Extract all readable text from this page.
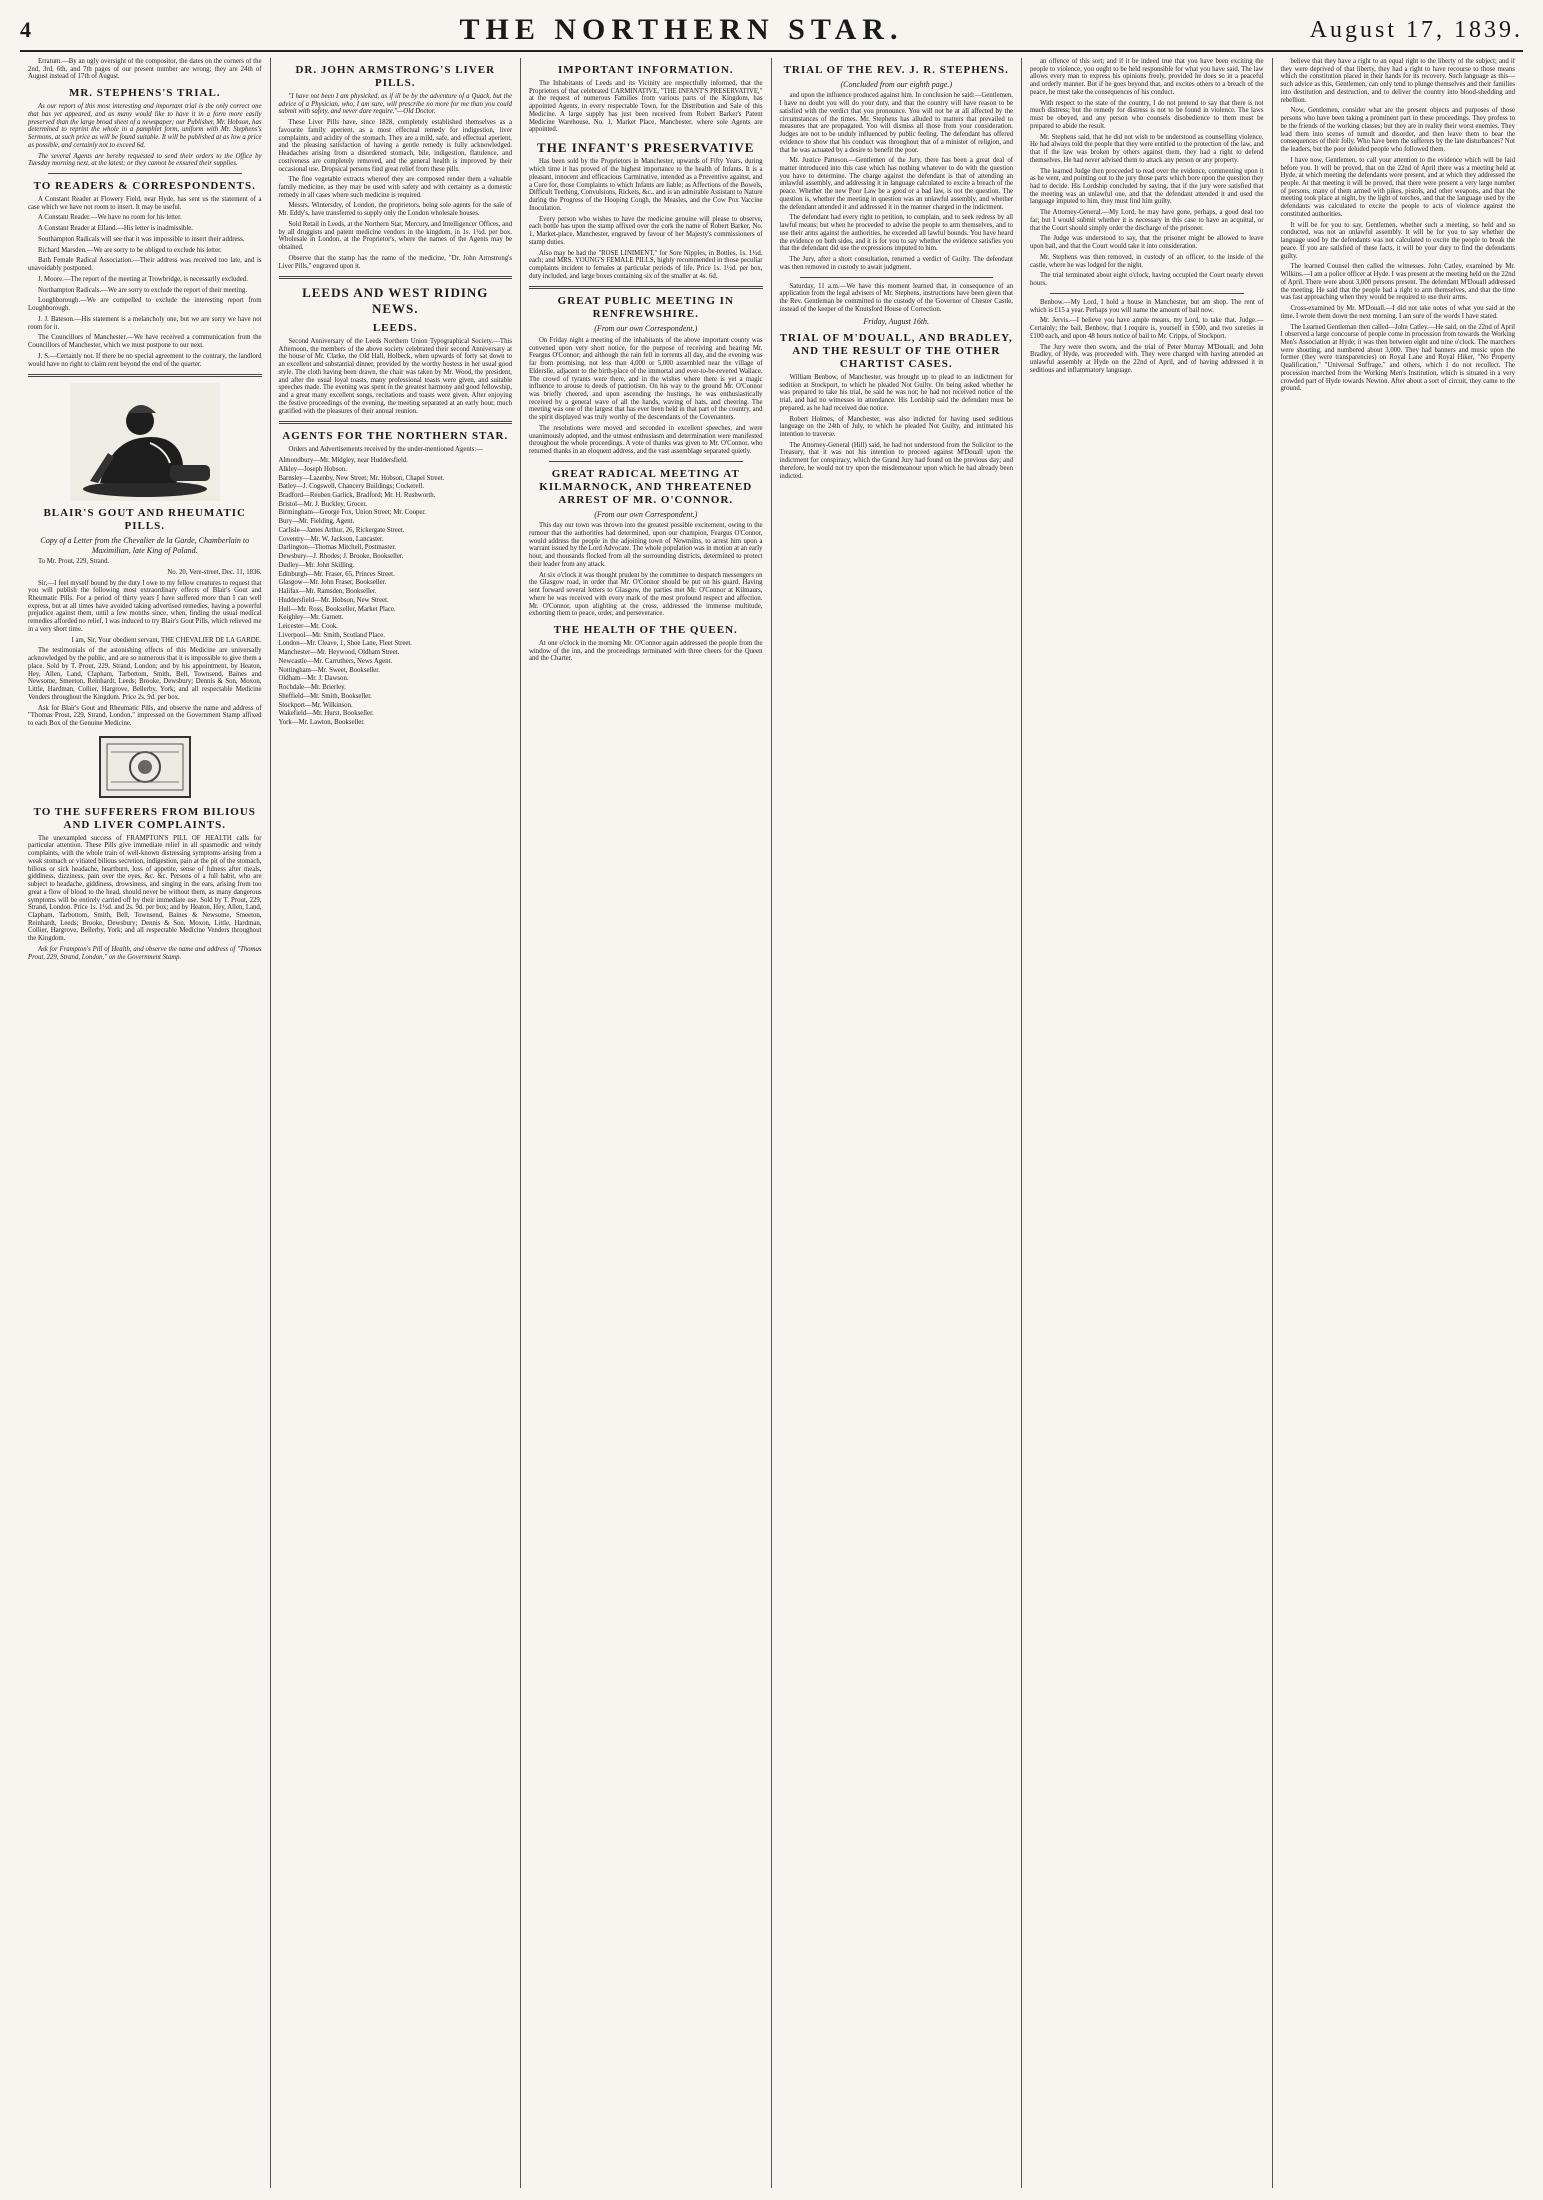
4	THE NORTHERN STAR.	August 17, 1839.

Erratum.—By an ugly oversight of the compositor, the dates on the corners of the 2nd, 3rd, 6th, and 7th pages of our present number are wrong; they are 24th of August instead of 17th of August.

MR. STEPHENS'S TRIAL.

As our report of this most interesting and important trial is the only correct one that has yet appeared, and as many would like to have it in a form more easily preserved than the large broad sheet of a newspaper; our Publisher, Mr. Hobson, has determined to reprint the whole in a pamphlet form, uniform with Mr. Stephens's Sermons, at such price as will be found suitable. It will be published at as low a price as possible, and certainly not to exceed 6d.

The several Agents are hereby requested to send their orders to the Office by Tuesday morning next, at the latest; or they cannot be ensured their supplies.

TO READERS & CORRESPONDENTS.

A Constant Reader at Flowery Field, near Hyde, has sent us the statement of a case which we have not room to insert. It may be useful.

A Constant Reader.—We have no room for his letter.

A Constant Reader at Elland.—His letter is inadmissible.

Southampton Radicals will see that it was impossible to insert their address.

Richard Marsden.—We are sorry to be obliged to exclude his letter.

Bath Female Radical Association.—Their address was received too late, and is unavoidably postponed.

J. Moore.—The report of the meeting at Trowbridge, is necessarily excluded.

Northampton Radicals.—We are sorry to exclude the report of their meeting.

Loughborough.—We are compelled to exclude the interesting report from Loughborough.

J. J. Bateson.—His statement is a melancholy one, but we are sorry we have not room for it.

The Councillors of Manchester.—We have received a communication from the Councillors of Manchester, which we must postpone to our next.

J. S.—Certainly not. If there be no special agreement to the contrary, the landlord would have no right to claim rent beyond the end of the quarter.

BLAIR'S GOUT AND RHEUMATIC PILLS.
Copy of a Letter from the Chevalier de la Garde, Chamberlain to Maximilian, late King of Poland.

To Mr. Prout, 229, Strand.

No. 20, Vere-street, Dec. 11, 1836.

Sir,—I feel myself bound by the duty I owe to my fellow creatures to request that you will publish the following most extraordinary effects of Blair's Gout and Rheumatic Pills. For a period of thirty years I have suffered more than I can well express, but at all times have avoided taking advertised remedies, having a powerful prejudice against them, until a few months since, when, finding the usual medical remedies afforded no relief, I was induced to try Blair's Gout Pills, which relieved me in a very short time.

I am, Sir, Your obedient servant, THE CHEVALIER DE LA GARDE.

The testimonials of the astonishing effects of this Medicine are universally acknowledged by the public, and are so numerous that it is impossible to give them a place. Sold by T. Prout, 229, Strand, London; and by his appointment, by Heaton, Hey, Allen, Land, Clapham, Tarbottom, Smith, Bell, Townsend, Baines and Newsome, Smeeton, Reinhardt, Leeds; Brooke, Dewsbury; Dennis & Son, Moxon, Little, Hardman, Collier, Hargrove, Bellerby, York; and all respectable Medicine Venders throughout the Kingdom. Price 2s. 9d. per box.

Ask for Blair's Gout and Rheumatic Pills, and observe the name and address of "Thomas Prout, 229, Strand, London," impressed on the Government Stamp affixed to each Box of the Genuine Medicine.

TO THE SUFFERERS FROM BILIOUS AND LIVER COMPLAINTS.

The unexampled success of FRAMPTON'S PILL OF HEALTH calls for particular attention. These Pills give immediate relief in all spasmodic and windy complaints, with the whole train of well-known distressing symptoms arising from a weak stomach or vitiated bilious secretion, indigestion, pain at the pit of the stomach, bilious or sick headache, heartburn, loss of appetite, sense of fulness after meals, giddiness, dizziness, pain over the eyes, &c. &c. Persons of a full habit, who are subject to headache, giddiness, drowsiness, and singing in the ears, arising from too great a flow of blood to the head, should never be without them, as many dangerous symptoms will be entirely carried off by their immediate use. Sold by T. Prout, 229, Strand, London. Price 1s. 1½d. and 2s. 9d. per box; and by Heaton, Hey, Allen, Land, Clapham, Tarbottom, Smith, Bell, Townsend, Baines & Newsome, Smeeton, Reinhardt, Leeds; Brooke, Dewsbury; Dennis & Son, Moxon, Little, Hardman, Collier, Hargrove, Bellerby, York; and all respectable Medicine Venders throughout the Kingdom.

Ask for Frampton's Pill of Health, and observe the name and address of "Thomas Prout, 229, Strand, London," on the Government Stamp.

DR. JOHN ARMSTRONG'S LIVER PILLS.

"I have not been I am physicked, as if ill be by the adventure of a Quack, but the advice of a Physician, who, I am sure, will prescribe no more for me than you could submit with safety, and never dare require."—Old Doctor.

These Liver Pills have, since 1828, completely established themselves as a favourite family aperient, as a most effectual remedy for indigestion, liver complaints, and acidity of the stomach. They are a mild, safe, and effectual aperient, and the pleasing satisfaction of having a gentle remedy is fully acknowledged. Headaches arising from a disordered stomach, bile, indigestion, flatulence, and costiveness are completely removed, and the general health is improved by their occasional use. Dropsical persons find great relief from these pills.

The fine vegetable extracts whereof they are composed render them a valuable family medicine, as they may be used with safety and with certainty as a domestic remedy in all cases where such medicine is required.

Messrs. Wintersdry, of London, the proprietors, being sole agents for the sale of Mr. Eddy's, have transferred to supply only the London wholesale houses.

Sold Retail in Leeds, at the Northern Star, Mercury, and Intelligencer Offices, and by all druggists and patent medicine vendors in the kingdom, in 1s. 1½d. per box. Wholesale in London, at the Proprietor's, where the names of the Agents may be obtained.

Observe that the stamp has the name of the medicine, "Dr. John Armstrong's Liver Pills," engraved upon it.

LEEDS AND WEST RIDING NEWS.
LEEDS.

Second Anniversary of the Leeds Northern Union Typographical Society.—This Afternoon, the members of the above society celebrated their second Anniversary at the house of Mr. Clarke, the Old Hall, Holbeck, when upwards of forty sat down to an excellent and substantial dinner, provided by the worthy hostess in her usual good style. The cloth having been drawn, the chair was taken by Mr. Wood, the president, and after the usual loyal toasts, many professional toasts were given, and suitable speeches made. The evening was spent in the greatest harmony and good fellowship, and a great many excellent songs, recitations and toasts were given. After enjoying the festive proceedings of the evening, the meeting separated at an early hour, much gratified with the pleasures of their annual reunion.

AGENTS FOR THE NORTHERN STAR.

Orders and Advertisements received by the under-mentioned Agents:—

Almondbury—Mr. Midgley, near Huddersfield.

Alkley—Joseph Hobson.

Barnsley—Lazenby, New Street; Mr. Hobson, Chapel Street.

Batley—J. Cogswell, Chancery Buildings; Cockerell.

Bradford—Reuben Garlick, Bradford; Mr. H. Rushworth.

Bristol—Mr. J. Buckley, Grocer.

Birmingham—George Fox, Union Street; Mr. Cooper.

Bury—Mr. Fielding, Agent.

Carlisle—James Arthur, 26, Rickergate Street.

Coventry—Mr. W. Jackson, Lancaster.

Darlington—Thomas Mitchell, Postmaster.

Dewsbury—J. Rhodes; J. Brooke, Bookseller.

Dudley—Mr. John Skilling.

Edinburgh—Mr. Fraser, 65, Princes Street.

Glasgow—Mr. John Fraser, Bookseller.

Halifax—Mr. Ramsden, Bookseller.

Huddersfield—Mr. Hobson, New Street.

Hull—Mr. Ross, Bookseller, Market Place.

Keighley—Mr. Garnett.

Leicester—Mr. Cook.

Liverpool—Mr. Smith, Scotland Place.

London—Mr. Cleave, 1, Shoe Lane, Fleet Street.

Manchester—Mr. Heywood, Oldham Street.

Newcastle—Mr. Carruthers, News Agent.

Nottingham—Mr. Sweet, Bookseller.

Oldham—Mr. J. Dawson.

Rochdale—Mr. Brierley.

Sheffield—Mr. Smith, Bookseller.

Stockport—Mr. Wilkinson.

Wakefield—Mr. Hurst, Bookseller.

York—Mr. Lawton, Bookseller.

IMPORTANT INFORMATION.

The Inhabitants of Leeds and its Vicinity are respectfully informed, that the Proprietors of that celebrated CARMINATIVE, "THE INFANT'S PRESERVATIVE," at the request of numerous Families from various parts of the Kingdom, has appointed Agents, in every respectable Town, for the Distribution and Sale of this Medicine. A large supply has just been received from Robert Barker's Patent Medicine Warehouse, No. 1, Market Place, Manchester, where sole Agents are appointed.

THE INFANT'S PRESERVATIVE

Has been sold by the Proprietors in Manchester, upwards of Fifty Years, during which time it has proved of the highest importance to the health of Infants. It is a pleasant, innocent and efficacious Carminative, intended as a Preventive against, and a Cure for, those Complaints to which Infants are liable; as Affections of the Bowels, Difficult Teething, Convulsions, Rickets, &c., and is an admirable Assistant to Nature during the Progress of the Hooping Cough, the Measles, and the Cow Pox Vaccine Inoculation.

Every person who wishes to have the medicine genuine will please to observe, each bottle has upon the stamp affixed over the cork the name of Robert Barker, No. 1, Market-place, Manchester, engraved by favour of her Majesty's commissioners of stamp duties.

Also may be had the "ROSE LINIMENT," for Sore Nipples, in Bottles, 1s. 1½d. each; and MRS. YOUNG'S FEMALE PILLS, highly recommended in those peculiar complaints incident to females at particular periods of life. Price 1s. 1½d. per box, duty included, and large boxes containing six of the smaller at 4s. 6d.

GREAT PUBLIC MEETING IN RENFREWSHIRE.
(From our own Correspondent.)

On Friday night a meeting of the inhabitants of the above important county was convened upon very short notice, for the purpose of receiving and hearing Mr. Feargus O'Connor; and although the rain fell in torrents all day, and the evening was far from promising, not less than 4,000 or 5,000 assembled near the village of Elderslie, adjacent to the birth-place of the immortal and ever-to-be-revered Wallace. The crowd of tyrants were there, and in the wishes where there is yet a magic influence to arouse to deeds of patriotism. On his way to the ground Mr. O'Connor was briefly cheered, and upon ascending the hustings, he was enthusiastically received by a general wave of all the hands, waving of hats, and cheering. The meeting was one of the largest that has ever been held in that part of the country, and the spirit displayed was truly worthy of the descendants of the Covenanters.

The resolutions were moved and seconded in excellent speeches, and were unanimously adopted, and the utmost enthusiasm and determination were manifested throughout the whole proceedings. A vote of thanks was given to Mr. O'Connor, who returned thanks in an eloquent address, and the vast assemblage separated quietly.

GREAT RADICAL MEETING AT KILMARNOCK, AND THREATENED ARREST OF MR. O'CONNOR.
(From our own Correspondent.)

This day our town was thrown into the greatest possible excitement, owing to the rumour that the authorities had determined, upon our champion, Feargus O'Connor, would address the people in the adjoining town of Newmilns, to arrest him upon a warrant issued by the Lord Advocate. The whole population was in motion at an early hour, and thousands flocked from all the surrounding districts, determined to protect their leader from any attack.

At six o'clock it was thought prudent by the committee to despatch messengers on the Glasgow road, in order that Mr. O'Connor should be put on his guard. Having sent forward several letters to Glasgow, the parties met Mr. O'Connor at Kilmaurs, where he was received with every mark of the most profound respect and affection. Mr. O'Connor, upon alighting at the cross, addressed the immense multitude, exhorting them to peace, order, and perseverance.

THE HEALTH OF THE QUEEN.

At one o'clock in the morning Mr. O'Connor again addressed the people from the window of the inn, and the proceedings terminated with three cheers for the Queen and the Charter.

TRIAL OF THE REV. J. R. STEPHENS.
(Concluded from our eighth page.)

and upon the influence produced against him. In conclusion he said:—Gentlemen, I have no doubt you will do your duty, and that the country will have reason to be satisfied with the verdict that you pronounce. You will not be at all affected by the circumstances of the times. Mr. Stephens has alluded to matters that prevailed to measures that are propagated. You will dismiss all those from your consideration. Judges are not to be unduly influenced by public feeling. The defendant has offered evidence to show that his conduct was throughout that of a minister of religion, and that he was actuated by a desire to benefit the poor.

Mr. Justice Patteson.—Gentlemen of the Jury, there has been a great deal of matter introduced into this case which has nothing whatever to do with the question you have to determine. The charge against the defendant is that of attending an unlawful assembly, and addressing it in language calculated to excite a breach of the peace. Whether the new Poor Law be a good or a bad law, is not the question. The question is, whether the meeting in question was an unlawful assembly, and whether the defendant attended it and addressed it in the manner charged in the indictment.

The defendant had every right to petition, to complain, and to seek redress by all lawful means; but when he proceeded to advise the people to arm themselves, and to use their arms against the authorities, he exceeded all lawful bounds. You have heard the evidence on both sides, and it is for you to say whether the evidence satisfies you that the defendant did use the expressions imputed to him.

The Jury, after a short consultation, returned a verdict of Guilty. The defendant was then removed in custody to await judgment.

Saturday, 11 a.m.—We have this moment learned that, in consequence of an application from the legal advisers of Mr. Stephens, instructions have been given that the Rev. Gentleman be committed to the custody of the Governor of Chester Castle, instead of the keeper of the Knutsford House of Correction.

Friday, August 16th.
TRIAL OF M'DOUALL, AND BRADLEY, AND THE RESULT OF THE OTHER CHARTIST CASES.

William Benbow, of Manchester, was brought up to plead to an indictment for sedition at Stockport, to which he pleaded Not Guilty. On being asked whether he was prepared to take his trial, he said he was not; he had not received notice of the trial, and had no witnesses in attendance. His Lordship said the defendant must be prepared, as he had received due notice.

Robert Holmes, of Manchester, was also indicted for having used seditious language on the 24th of July, to which he pleaded Not Guilty, and intimated his intention to traverse.

The Attorney-General (Hill) said, he had not understood from the Solicitor to the Treasury, that it was not his intention to proceed against M'Douall upon the indictment for conspiracy, which the Grand Jury had found on the previous day; and therefore, he would not try upon the misdemeanour upon which he had already been indicted.

an offence of this sort; and if it be indeed true that you have been exciting the people to violence, you ought to be held responsible for what you have said. The law allows every man to express his opinions freely, provided he does so in a peaceful and orderly manner. But if he goes beyond that, and excites others to a breach of the peace, he must take the consequences of his conduct.

With respect to the state of the country, I do not pretend to say that there is not much distress; but the remedy for distress is not to be found in violence. The laws must be obeyed, and any person who counsels disobedience to them must be prepared to abide the result.

Mr. Stephens said, that he did not wish to be understood as counselling violence. He had always told the people that they were entitled to the protection of the law, and that if the law was broken by others against them, they had a right to defend themselves. He had never advised them to attack any person or any property.

The learned Judge then proceeded to read over the evidence, commenting upon it as he went, and pointing out to the jury those parts which bore upon the question they had to decide. His Lordship concluded by saying, that if the jury were satisfied that the meeting was an unlawful one, and that the defendant attended it and used the language imputed to him, they must find him guilty.

The Attorney-General.—My Lord, he may have gone, perhaps, a good deal too far; but I would submit whether it is necessary in this case to have an acquittal, or that the Court should simply order the discharge of the prisoner.

The Judge was understood to say, that the prisoner might be allowed to leave upon bail, and that the Court would take it into consideration.

Mr. Stephens was then removed, in custody of an officer, to the inside of the castle, where he was lodged for the night.

The trial terminated about eight o'clock, having occupied the Court nearly eleven hours.

Benbow.—My Lord, I hold a house in Manchester, but am shop. The rent of which is £15 a year. Perhaps you will name the amount of bail now.

Mr. Jervis.—I believe you have ample means, my Lord, to take that. Judge.—Certainly; the bail, Benbow, that I require is, yourself in £500, and two sureties in £100 each, and upon 48 hours notice of bail to Mr. Cripps, of Stockport.

The Jury were then sworn, and the trial of Peter Murray M'Douall, and John Bradley, of Hyde, was proceeded with. They were charged with having attended an unlawful assembly at Hyde on the 22nd of April, and of having addressed it in seditious and inflammatory language.

believe that they have a right to an equal right to the liberty of the subject; and if they were deprived of that liberty, they had a right to have recourse to those means which the constitution placed in their hands for its recovery. Such language as this—such advice as this, Gentlemen, can only tend to plunge themselves and their families into destitution and destruction, and to deliver the country into blood-shedding and rebellion.

Now, Gentlemen, consider what are the present objects and purposes of those persons who have been taking a prominent part in these proceedings. They profess to be the friends of the working classes; but they are in reality their worst enemies. They lead them into scenes of tumult and disorder, and then leave them to bear the consequences of their folly. Who have been the sufferers by the late disturbances? Not the leaders, but the poor deluded people who followed them.

I have now, Gentlemen, to call your attention to the evidence which will be laid before you. It will be proved, that on the 22nd of April there was a meeting held at Hyde, at which meeting the defendants were present, and at which they addressed the people. At that meeting it will be proved, that there were present a very large number of persons, many of them armed with pikes, pistols, and other weapons, and that the meeting took place at night, by the light of torches, and that the language used by the defendants was calculated to excite the people to acts of violence against the constituted authorities.

It will be for you to say, Gentlemen, whether such a meeting, so held and so conducted, was not an unlawful assembly. It will be for you to say whether the language used by the defendants was not calculated to excite the people to break the peace. If you are satisfied of these facts, it will be your duty to find the defendants guilty.

The learned Counsel then called the witnesses. John Catley, examined by Mr. Wilkins.—I am a police officer at Hyde. I was present at the meeting held on the 22nd of April. There were about 3,000 persons present. The defendant M'Douall addressed the meeting. He said that the people had a right to arm themselves, and that the time was fast approaching when they would be required to use their arms.

Cross-examined by Mr. M'Douall.—I did not take notes of what you said at the time. I wrote them down the next morning. I am sure of the words I have stated.

The Learned Gentleman then called—John Catley.—He said, on the 22nd of April I observed a large concourse of people come in procession from towards the Working Men's Association at Hyde; it was then between eight and nine o'clock. The marchers were shouting, and numbered about 3,000. They had banners and music upon the former (they were transparencies) on Royal Lane and Royal Hiker, "No Property Qualification," "Universal Suffrage," and others, which I do not recollect. The procession marched from the Working Men's Institution, which is situated in a very crowded part of Hyde towards Newton. After about a sort of circuit, they came to the ground.
